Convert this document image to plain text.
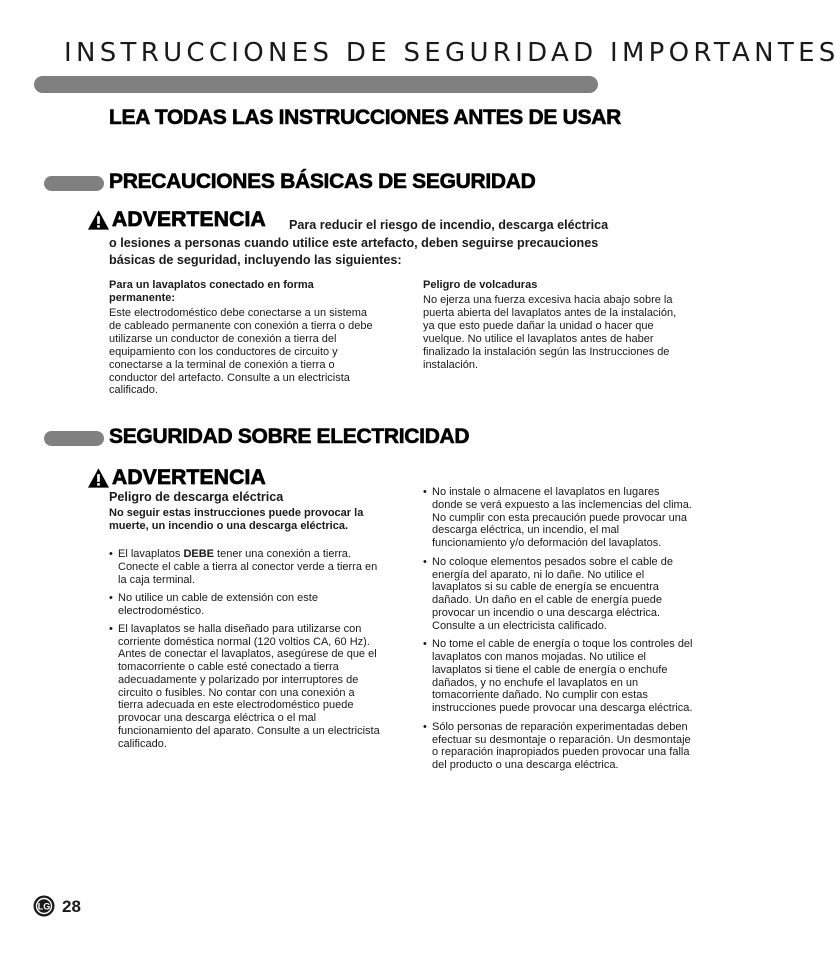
INSTRUCCIONES DE SEGURIDAD IMPORTANTES
LEA TODAS LAS INSTRUCCIONES ANTES DE USAR
PRECAUCIONES BÁSICAS DE SEGURIDAD
ADVERTENCIA Para reducir el riesgo de incendio, descarga eléctrica
o lesiones a personas cuando utilice este artefacto, deben seguirse precauciones
básicas de seguridad, incluyendo las siguientes:
Para un lavaplatos conectado en forma permanente:
Este electrodoméstico debe conectarse a un sistema de cableado permanente con conexión a tierra o debe utilizarse un conductor de conexión a tierra del equipamiento con los conductores de circuito y conectarse a la terminal de conexión a tierra o conductor del artefacto. Consulte a un electricista calificado.
Peligro de volcaduras
No ejerza una fuerza excesiva hacia abajo sobre la puerta abierta del lavaplatos antes de la instalación, ya que esto puede dañar la unidad o hacer que vuelque. No utilice el lavaplatos antes de haber finalizado la instalación según las Instrucciones de instalación.
SEGURIDAD SOBRE ELECTRICIDAD
ADVERTENCIA
Peligro de descarga eléctrica
No seguir estas instrucciones puede provocar la muerte, un incendio o una descarga eléctrica.
• El lavaplatos DEBE tener una conexión a tierra. Conecte el cable a tierra al conector verde a tierra en la caja terminal.
• No utilice un cable de extensión con este electrodoméstico.
• El lavaplatos se halla diseñado para utilizarse con corriente doméstica normal (120 voltios CA, 60 Hz). Antes de conectar el lavaplatos, asegúrese de que el tomacorriente o cable esté conectado a tierra adecuadamente y polarizado por interruptores de circuito o fusibles. No contar con una conexión a tierra adecuada en este electrodoméstico puede provocar una descarga eléctrica o el mal funcionamiento del aparato. Consulte a un electricista calificado.
• No instale o almacene el lavaplatos en lugares donde se verá expuesto a las inclemencias del clima. No cumplir con esta precaución puede provocar una descarga eléctrica, un incendio, el mal funcionamiento y/o deformación del lavaplatos.
• No coloque elementos pesados sobre el cable de energía del aparato, ni lo dañe. No utilice el lavaplatos si su cable de energía se encuentra dañado. Un daño en el cable de energía puede provocar un incendio o una descarga eléctrica. Consulte a un electricista calificado.
• No tome el cable de energía o toque los controles del lavaplatos con manos mojadas. No utilice el lavaplatos si tiene el cable de energía o enchufe dañados, y no enchufe el lavaplatos en un tomacorriente dañado. No cumplir con estas instrucciones puede provocar una descarga eléctrica.
• Sólo personas de reparación experimentadas deben efectuar su desmontaje o reparación. Un desmontaje o reparación inapropiados pueden provocar una falla del producto o una descarga eléctrica.
LG 28
